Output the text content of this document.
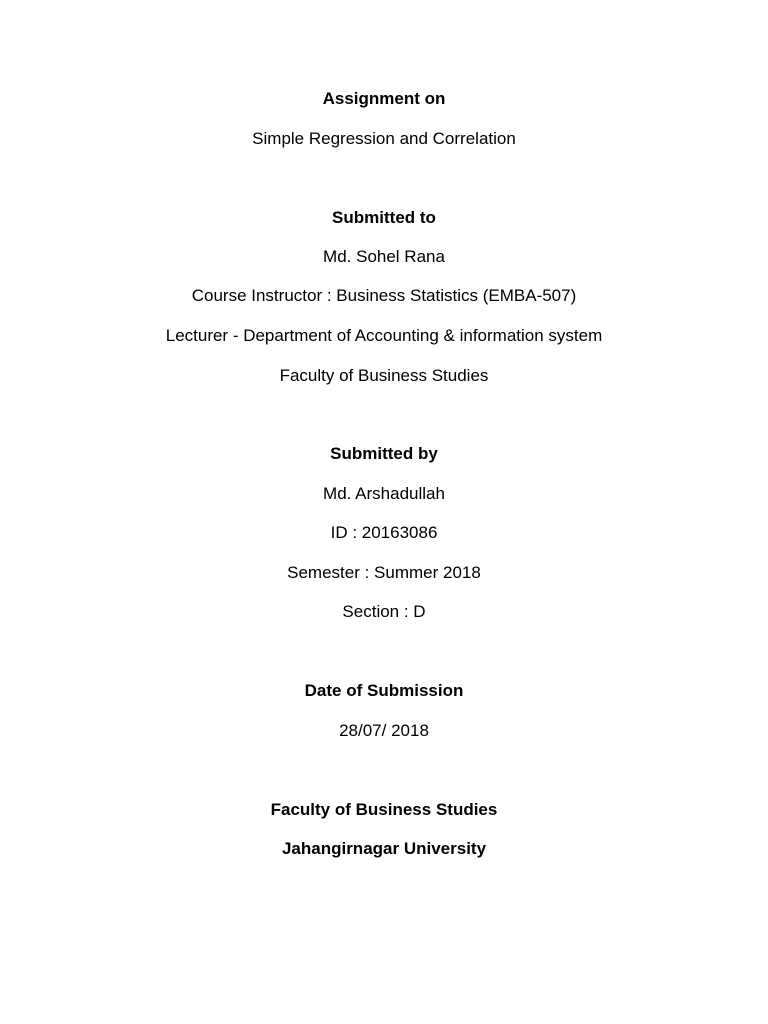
Assignment on
Simple Regression and Correlation
Submitted to
Md. Sohel Rana
Course Instructor : Business Statistics (EMBA-507)
Lecturer - Department of Accounting & information system
Faculty of Business Studies
Submitted by
Md. Arshadullah
ID : 20163086
Semester : Summer 2018
Section : D
Date of Submission
28/07/ 2018
Faculty of Business Studies
Jahangirnagar University
